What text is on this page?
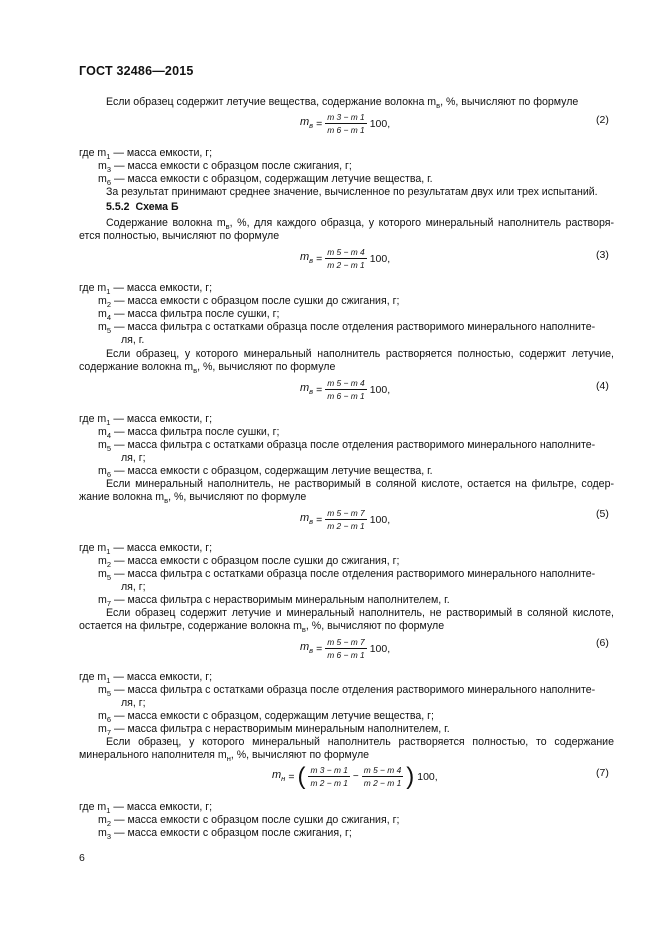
ГОСТ 32486—2015
Если образец содержит летучие вещества, содержание волокна $m_в$, %, вычисляют по формуле
$m_в = \frac{m 3 - m 1}{m 6 - m 1} 100$,	(2)
где $m_1$ — масса емкости, г;
$m_3$ — масса емкости с образцом после сжигания, г;
$m_6$ — масса емкости с образцом, содержащим летучие вещества, г.
За результат принимают среднее значение, вычисленное по результатам двух или трех испытаний.
5.5.2 Схема Б
Содержание волокна $m_в$, %, для каждого образца, у которого минеральный наполнитель растворя-
ется полностью, вычисляют по формуле
$m_в = \frac{m 5 - m 4}{m 2 - m 1} 100$,	(3)
где $m_1$ — масса емкости, г;
$m_2$ — масса емкости с образцом после сушки до сжигания, г;
$m_4$ — масса фильтра после сушки, г;
$m_5$ — масса фильтра с остатками образца после отделения растворимого минерального наполните-
ля, г.
Если образец, у которого минеральный наполнитель растворяется полностью, содержит летучие,
содержание волокна $m_в$, %, вычисляют по формуле
$m_в = \frac{m 5 - m 4}{m 6 - m 1} 100$,	(4)
где $m_1$ — масса емкости, г;
$m_4$ — масса фильтра после сушки, г;
$m_5$ — масса фильтра с остатками образца после отделения растворимого минерального наполните-
ля, г;
$m_6$ — масса емкости с образцом, содержащим летучие вещества, г.
Если минеральный наполнитель, не растворимый в соляной кислоте, остается на фильтре, содер-
жание волокна $m_в$, %, вычисляют по формуле
$m_в = \frac{m 5 - m 7}{m 2 - m 1} 100$,	(5)
где $m_1$ — масса емкости, г;
$m_2$ — масса емкости с образцом после сушки до сжигания, г;
$m_5$ — масса фильтра с остатками образца после отделения растворимого минерального наполните-
ля, г;
$m_7$ — масса фильтра с нерастворимым минеральным наполнителем, г.
Если образец содержит летучие и минеральный наполнитель, не растворимый в соляной кислоте,
остается на фильтре, содержание волокна $m_в$, %, вычисляют по формуле
$m_в = \frac{m 5 - m 7}{m 6 - m 1} 100$,	(6)
где $m_1$ — масса емкости, г;
$m_5$ — масса фильтра с остатками образца после отделения растворимого минерального наполните-
ля, г;
$m_6$ — масса емкости с образцом, содержащим летучие вещества, г;
$m_7$ — масса фильтра с нерастворимым минеральным наполнителем, г.
Если образец, у которого минеральный наполнитель растворяется полностью, то содержание
минерального наполнителя $m_н$, %, вычисляют по формуле
$m_н$ = ( $\frac{m 3 - m 1}{m 2 - m 1} - \frac{m 5 - m 4}{m 2 - m 1}$ ) 100,	(7)
где $m_1$ — масса емкости, г;
$m_2$ — масса емкости с образцом после сушки до сжигания, г;
$m_3$ — масса емкости с образцом после сжигания, г;
6
